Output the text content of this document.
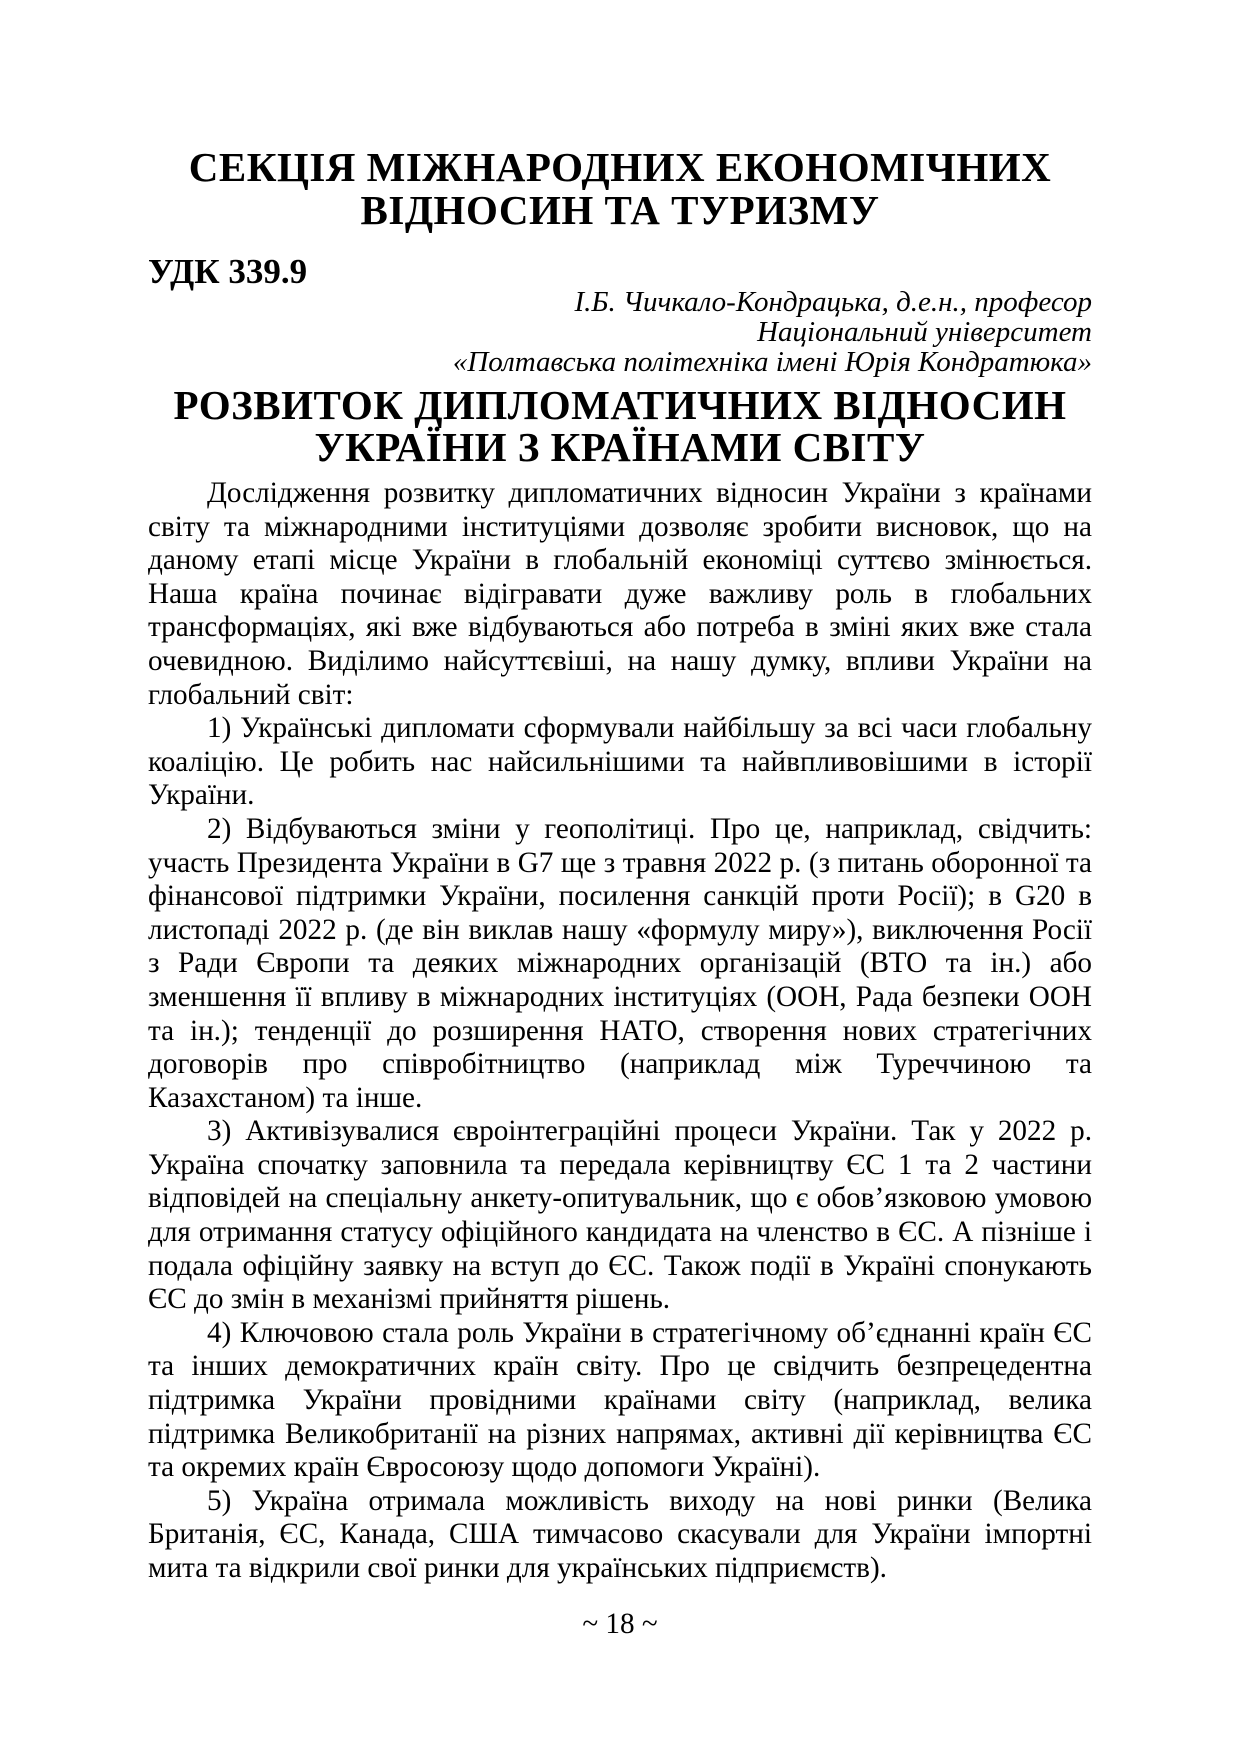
СЕКЦІЯ МІЖНАРОДНИХ ЕКОНОМІЧНИХ ВІДНОСИН ТА ТУРИЗМУ
УДК 339.9
І.Б. Чичкало-Кондрацька, д.е.н., професор
Національний університет
«Полтавська політехніка імені Юрія Кондратюка»
РОЗВИТОК ДИПЛОМАТИЧНИХ ВІДНОСИН УКРАЇНИ З КРАЇНАМИ СВІТУ

Дослідження розвитку дипломатичних відносин України з країнами світу та міжнародними інституціями дозволяє зробити висновок, що на даному етапі місце України в глобальній економіці суттєво змінюється. Наша країна починає відігравати дуже важливу роль в глобальних трансформаціях, які вже відбуваються або потреба в зміні яких вже стала очевидною. Виділимо найсуттєвіші, на нашу думку, впливи України на глобальний світ:

1) Українські дипломати сформували найбільшу за всі часи глобальну коаліцію. Це робить нас найсильнішими та найвпливовішими в історії України.

2) Відбуваються зміни у геополітиці. Про це, наприклад, свідчить: участь Президента України в G7 ще з травня 2022 р. (з питань оборонної та фінансової підтримки України, посилення санкцій проти Росії); в G20 в листопаді 2022 р. (де він виклав нашу «формулу миру»), виключення Росії з Ради Європи та деяких міжнародних організацій (ВТО та ін.) або зменшення її впливу в міжнародних інституціях (ООН, Рада безпеки ООН та ін.); тенденції до розширення НАТО, створення нових стратегічних договорів про співробітництво (наприклад між Туреччиною та Казахстаном) та інше.

3) Активізувалися євроінтеграційні процеси України. Так у 2022 р. Україна спочатку заповнила та передала керівництву ЄС 1 та 2 частини відповідей на спеціальну анкету-опитувальник, що є обов’язковою умовою для отримання статусу офіційного кандидата на членство в ЄС. А пізніше і подала офіційну заявку на вступ до ЄС. Також події в Україні спонукають ЄС до змін в механізмі прийняття рішень.

4) Ключовою стала роль України в стратегічному об’єднанні країн ЄС та інших демократичних країн світу. Про це свідчить безпрецедентна підтримка України провідними країнами світу (наприклад, велика підтримка Великобританії на різних напрямах, активні дії керівництва ЄС та окремих країн Євросоюзу щодо допомоги Україні).

5) Україна отримала можливість виходу на нові ринки (Велика Британія, ЄС, Канада, США тимчасово скасували для України імпортні мита та відкрили свої ринки для українських підприємств).

~ 18 ~
